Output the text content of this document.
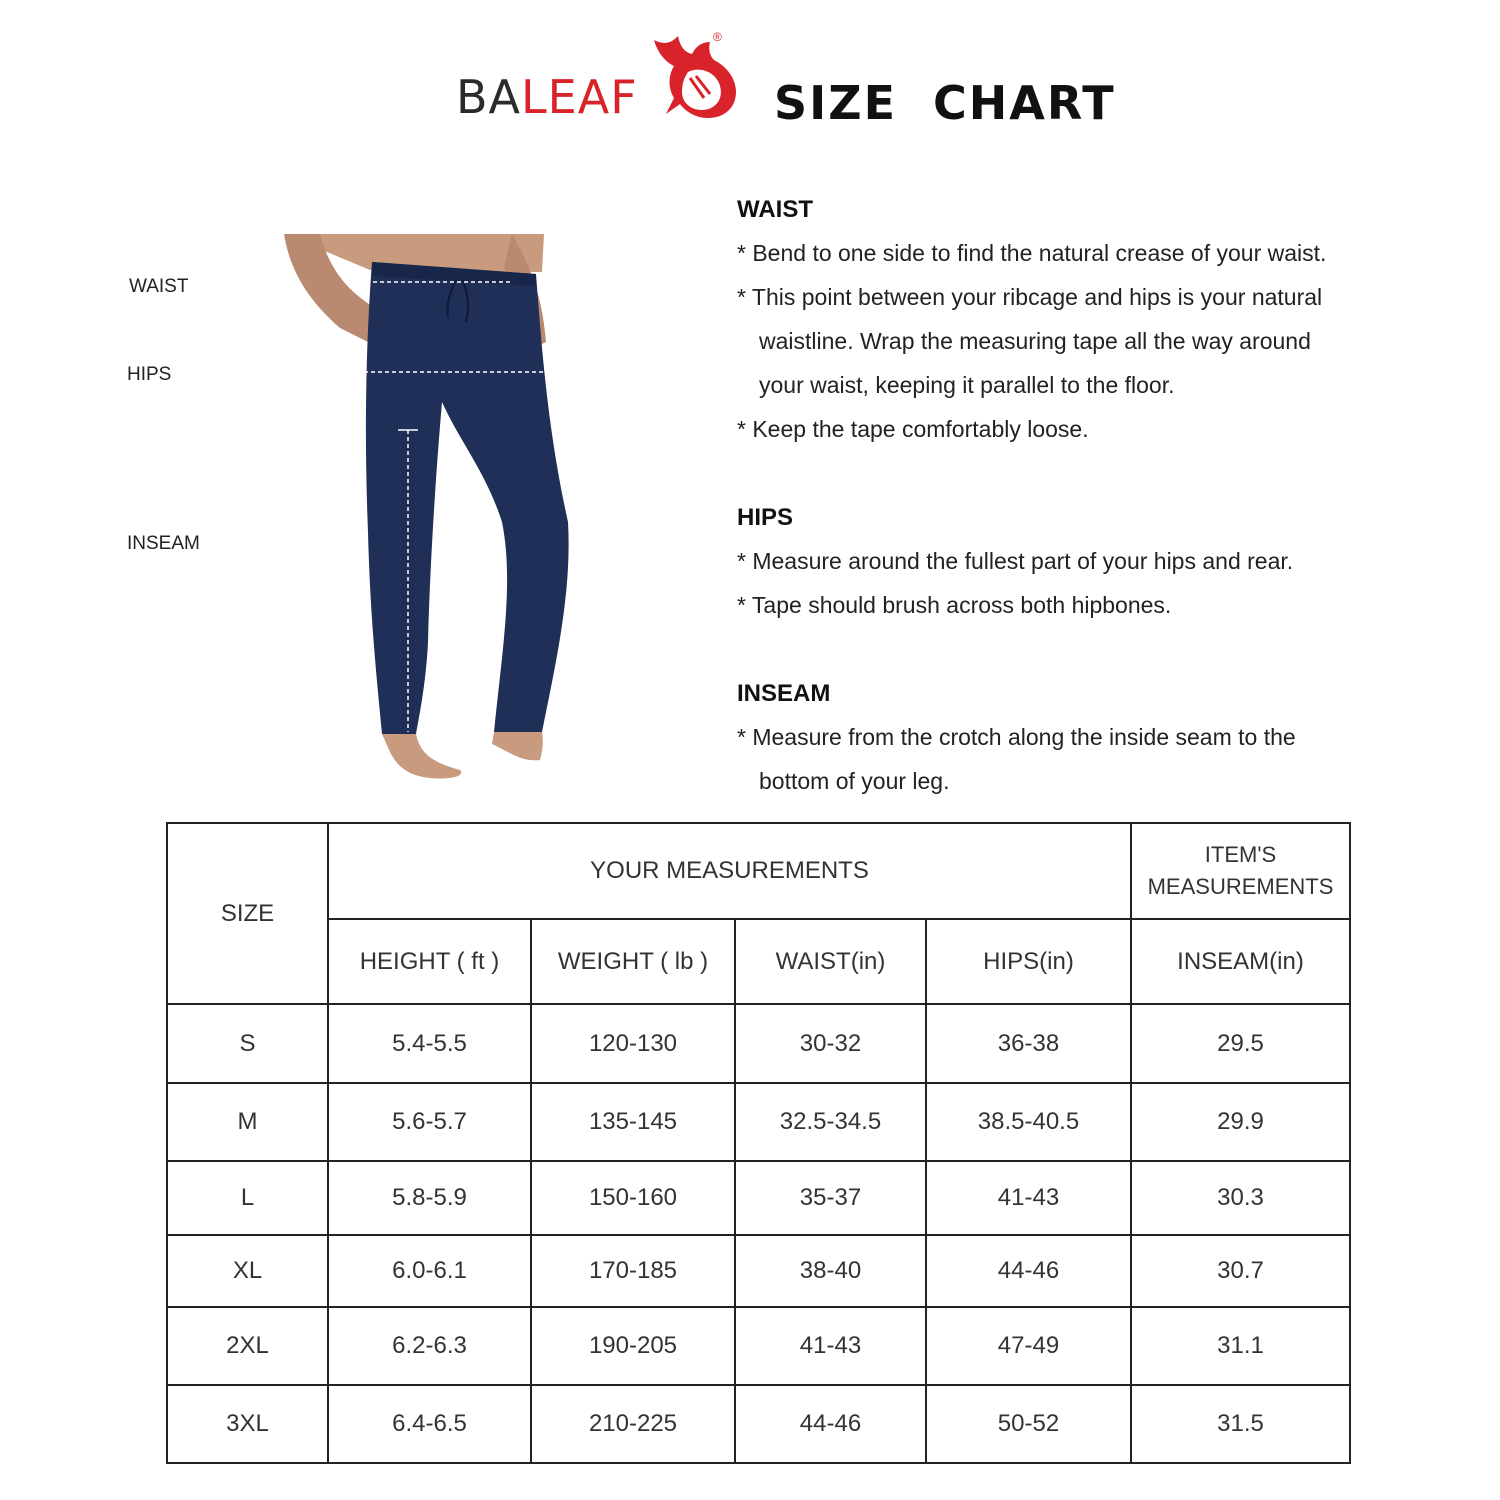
BALEAF
®
SIZE  CHART
WAIST
HIPS
INSEAM
WAIST

* Bend to one side to find the natural crease of your waist.

* This point between your ribcage and hips is your natural

waistline. Wrap the measuring tape all the way around

your waist, keeping it parallel to the floor.

* Keep the tape comfortably loose.

HIPS

* Measure around the fullest part of your hips and rear.

* Tape should brush across both hipbones.

INSEAM

* Measure from the crotch along the inside seam to the

bottom of your leg.

SIZE	YOUR MEASUREMENTS				ITEM'S MEASUREMENTS

	HEIGHT ( ft )	WEIGHT ( lb )	WAIST(in)	HIPS(in)	INSEAM(in)
S	5.4-5.5	120-130	30-32	36-38	29.5
M	5.6-5.7	135-145	32.5-34.5	38.5-40.5	29.9
L	5.8-5.9	150-160	35-37	41-43	30.3
XL	6.0-6.1	170-185	38-40	44-46	30.7
2XL	6.2-6.3	190-205	41-43	47-49	31.1
3XL	6.4-6.5	210-225	44-46	50-52	31.5
